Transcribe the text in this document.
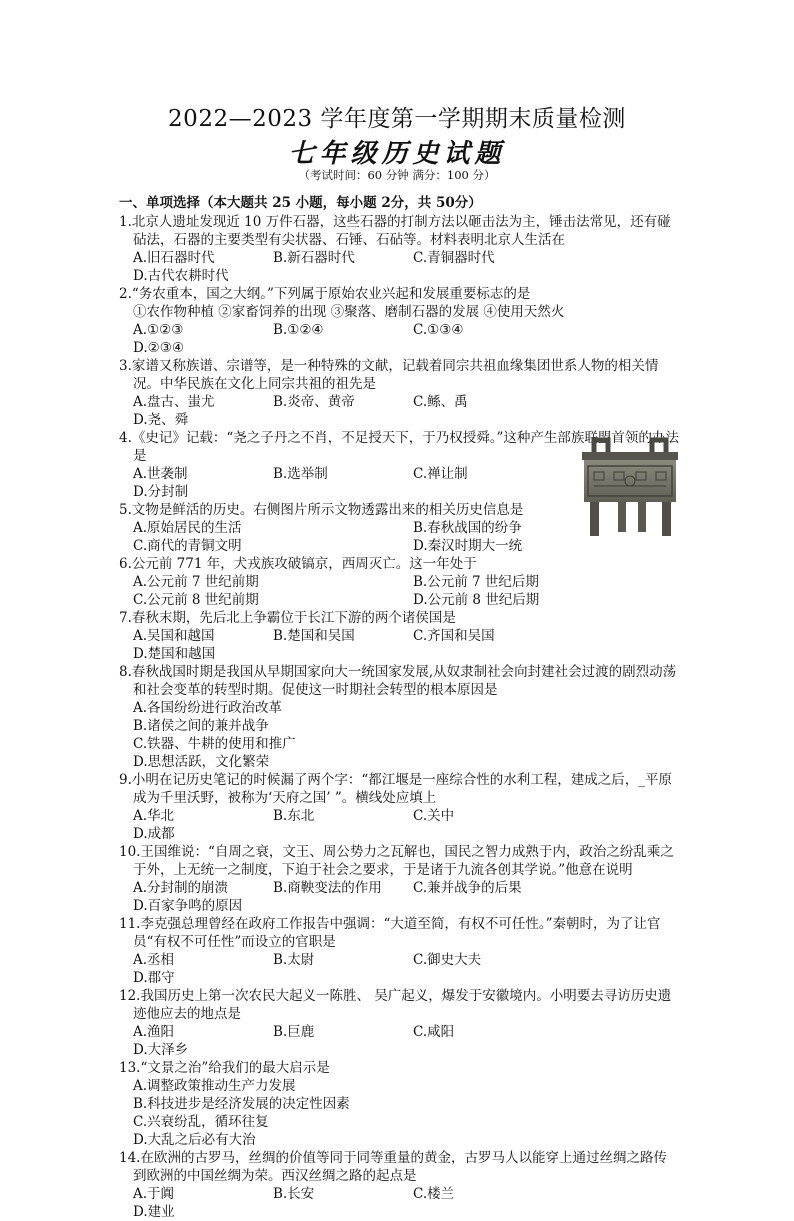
2022—2023 学年度第一学期期末质量检测
七年级历史试题
（考试时间：60 分钟 满分：100 分）
一、单项选择（本大题共 25 小题，每小题 2分，共 50分）
1.北京人遗址发现近 10 万件石器，这些石器的打制方法以砸击法为主，锤击法常见，还有碰砧法，石器的主要类型有尖状器、石锤、石砧等。材料表明北京人生活在
A.旧石器时代	B.新石器时代	C.青铜器时代
D.古代农耕时代
2.“务农重本，国之大纲。”下列属于原始农业兴起和发展重要标志的是
①农作物种植 ②家畜饲养的出现 ③聚落、磨制石器的发展 ④使用天然火
A.①②③	B.①②④	C.①③④
D.②③④
3.家谱又称族谱、宗谱等，是一种特殊的文献，记载着同宗共祖血缘集团世系人物的相关情况。中华民族在文化上同宗共祖的祖先是
A.盘古、蚩尤	B.炎帝、黄帝	C.鲧、禹
D.尧、舜
4.《史记》记载：“尧之子丹之不肖，不足授天下，于乃权授舜。”这种产生部族联盟首领的办法是
A.世袭制	B.选举制	C.禅让制
D.分封制
5.文物是鲜活的历史。右侧图片所示文物透露出来的相关历史信息是
A.原始居民的生活	B.春秋战国的纷争
C.商代的青铜文明	D.秦汉时期大一统
6.公元前 771 年，犬戎族攻破镐京，西周灭亡。这一年处于
A.公元前 7 世纪前期	B.公元前 7 世纪后期
C.公元前 8 世纪前期	D.公元前 8 世纪后期
7.春秋末期，先后北上争霸位于长江下游的两个诸侯国是
A.吴国和越国	B.楚国和吴国	C.齐国和吴国
D.楚国和越国
8.春秋战国时期是我国从早期国家向大一统国家发展,从奴隶制社会向封建社会过渡的剧烈动荡和社会变革的转型时期。促使这一时期社会转型的根本原因是
A.各国纷纷进行政治改革
B.诸侯之间的兼并战争
C.铁器、牛耕的使用和推广
D.思想活跃，文化繁荣
9.小明在记历史笔记的时候漏了两个字：“都江堰是一座综合性的水利工程，建成之后，_平原成为千里沃野，被称为‘天府之国’ ”。横线处应填上
A.华北	B.东北	C.关中
D.成都
10.王国维说：“自周之衰，文王、周公势力之瓦解也，国民之智力成熟于内，政治之纷乱乘之于外，上无统一之制度，下迫于社会之要求，于是诸于九流各创其学说。”他意在说明
A.分封制的崩溃	B.商鞅变法的作用	C.兼并战争的后果
D.百家争鸣的原因
11.李克强总理曾经在政府工作报告中强调：“大道至简，有权不可任性。”秦朝时，为了让官员“有权不可任性”而设立的官职是
A.丞相	B.太尉	C.御史大夫
D.郡守
12.我国历史上第一次农民大起义一陈胜、 吴广起义，爆发于安徽境内。小明要去寻访历史遗迹他应去的地点是
A.渔阳	B.巨鹿	C.咸阳
D.大泽乡
13.“文景之治”给我们的最大启示是
A.调整政策推动生产力发展
B.科技进步是经济发展的决定性因素
C.兴衰纷乱，循环往复
D.大乱之后必有大治
14.在欧洲的古罗马，丝绸的价值等同于同等重量的黄金，古罗马人以能穿上通过丝绸之路传到欧洲的中国丝绸为荣。西汉丝绸之路的起点是
A.于阗	B.长安	C.楼兰
D.建业
